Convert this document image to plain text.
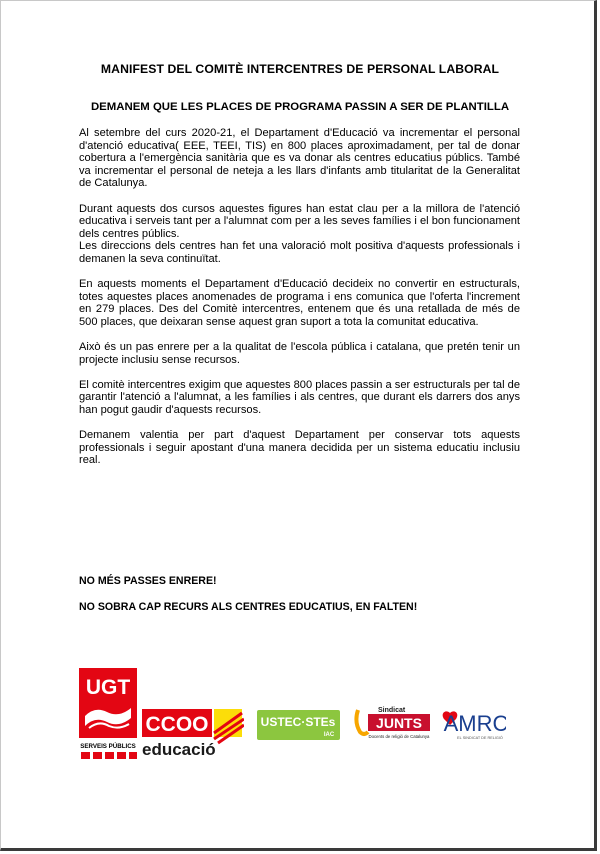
MANIFEST DEL COMITÈ INTERCENTRES DE PERSONAL LABORAL
DEMANEM QUE LES PLACES DE PROGRAMA PASSIN A SER DE PLANTILLA

Al setembre del curs 2020-21, el Departament d'Educació va incrementar el personal d'atenció educativa( EEE, TEEI, TIS) en 800 places aproximadament, per tal de donar cobertura a l'emergència sanitària que es va donar als centres educatius públics. També va incrementar el personal de neteja a les llars d'infants amb titularitat de la Generalitat de Catalunya.

Durant aquests dos cursos aquestes figures han estat clau per a la millora de l'atenció educativa i serveis tant per a l'alumnat com per a les seves famílies i el bon funcionament dels centres públics.

Les direccions dels centres han fet una valoració molt positiva d'aquests professionals i demanen la seva continuïtat.

En aquests moments el Departament d'Educació decideix no convertir en estructurals, totes aquestes places anomenades de programa i ens comunica que l'oferta l'increment en 279 places. Des del Comitè intercentres, entenem que és una retallada de més de 500 places, que deixaran sense aquest gran suport a tota la comunitat educativa.

Això és un pas enrere per a la qualitat de l'escola pública i catalana, que pretén tenir un projecte inclusiu sense recursos.

El comitè intercentres exigim que aquestes 800 places passin a ser estructurals per tal de garantir l'atenció a l'alumnat, a les famílies i als centres, que durant els darrers dos anys han pogut gaudir d'aquests recursos.

Demanem valentia per part d'aquest Departament per conservar tots aquests professionals i seguir apostant d'una manera decidida per un sistema educatiu inclusiu real.

NO MÉS PASSES ENRERE!
NO SOBRA CAP RECURS ALS CENTRES EDUCATIUS, EN FALTEN!
UGT
SERVEIS PÚBLICS
CCOO
educació
USTEC·STEs
IAC
Sindicat
JUNTS
Docents de religió de Catalunya
AMRC
EL SINDICAT DE RELIGIÓ
